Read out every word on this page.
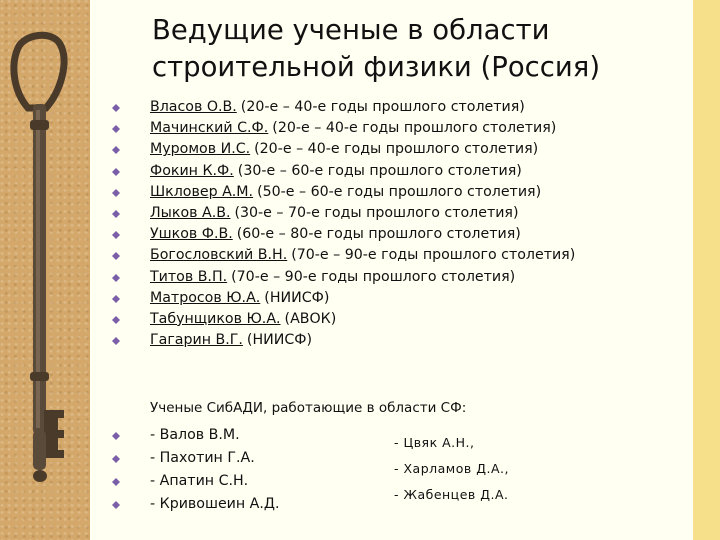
Ведущие ученые в области
строительной физики (Россия)
Власов О.В. (20-е – 40-е годы прошлого столетия)
Мачинский С.Ф. (20-е – 40-е годы прошлого столетия)
Муромов И.С. (20-е – 40-е годы прошлого столетия)
Фокин К.Ф. (30-е – 60-е годы прошлого столетия)
Шкловер А.М. (50-е – 60-е годы прошлого столетия)
Лыков А.В. (30-е – 70-е годы прошлого столетия)
Ушков Ф.В. (60-е – 80-е годы прошлого столетия)
Богословский В.Н. (70-е – 90-е годы прошлого столетия)
Титов В.П. (70-е – 90-е годы прошлого столетия)
Матросов Ю.А. (НИИСФ)
Табунщиков Ю.А. (АВОК)
Гагарин В.Г. (НИИСФ)
Ученые СибАДИ, работающие в области СФ:
- Валов В.М.
- Пахотин Г.А.
- Апатин С.Н.
- Кривошеин А.Д.
- Цвяк А.Н.,
- Харламов Д.А.,
- Жабенцев Д.А.
